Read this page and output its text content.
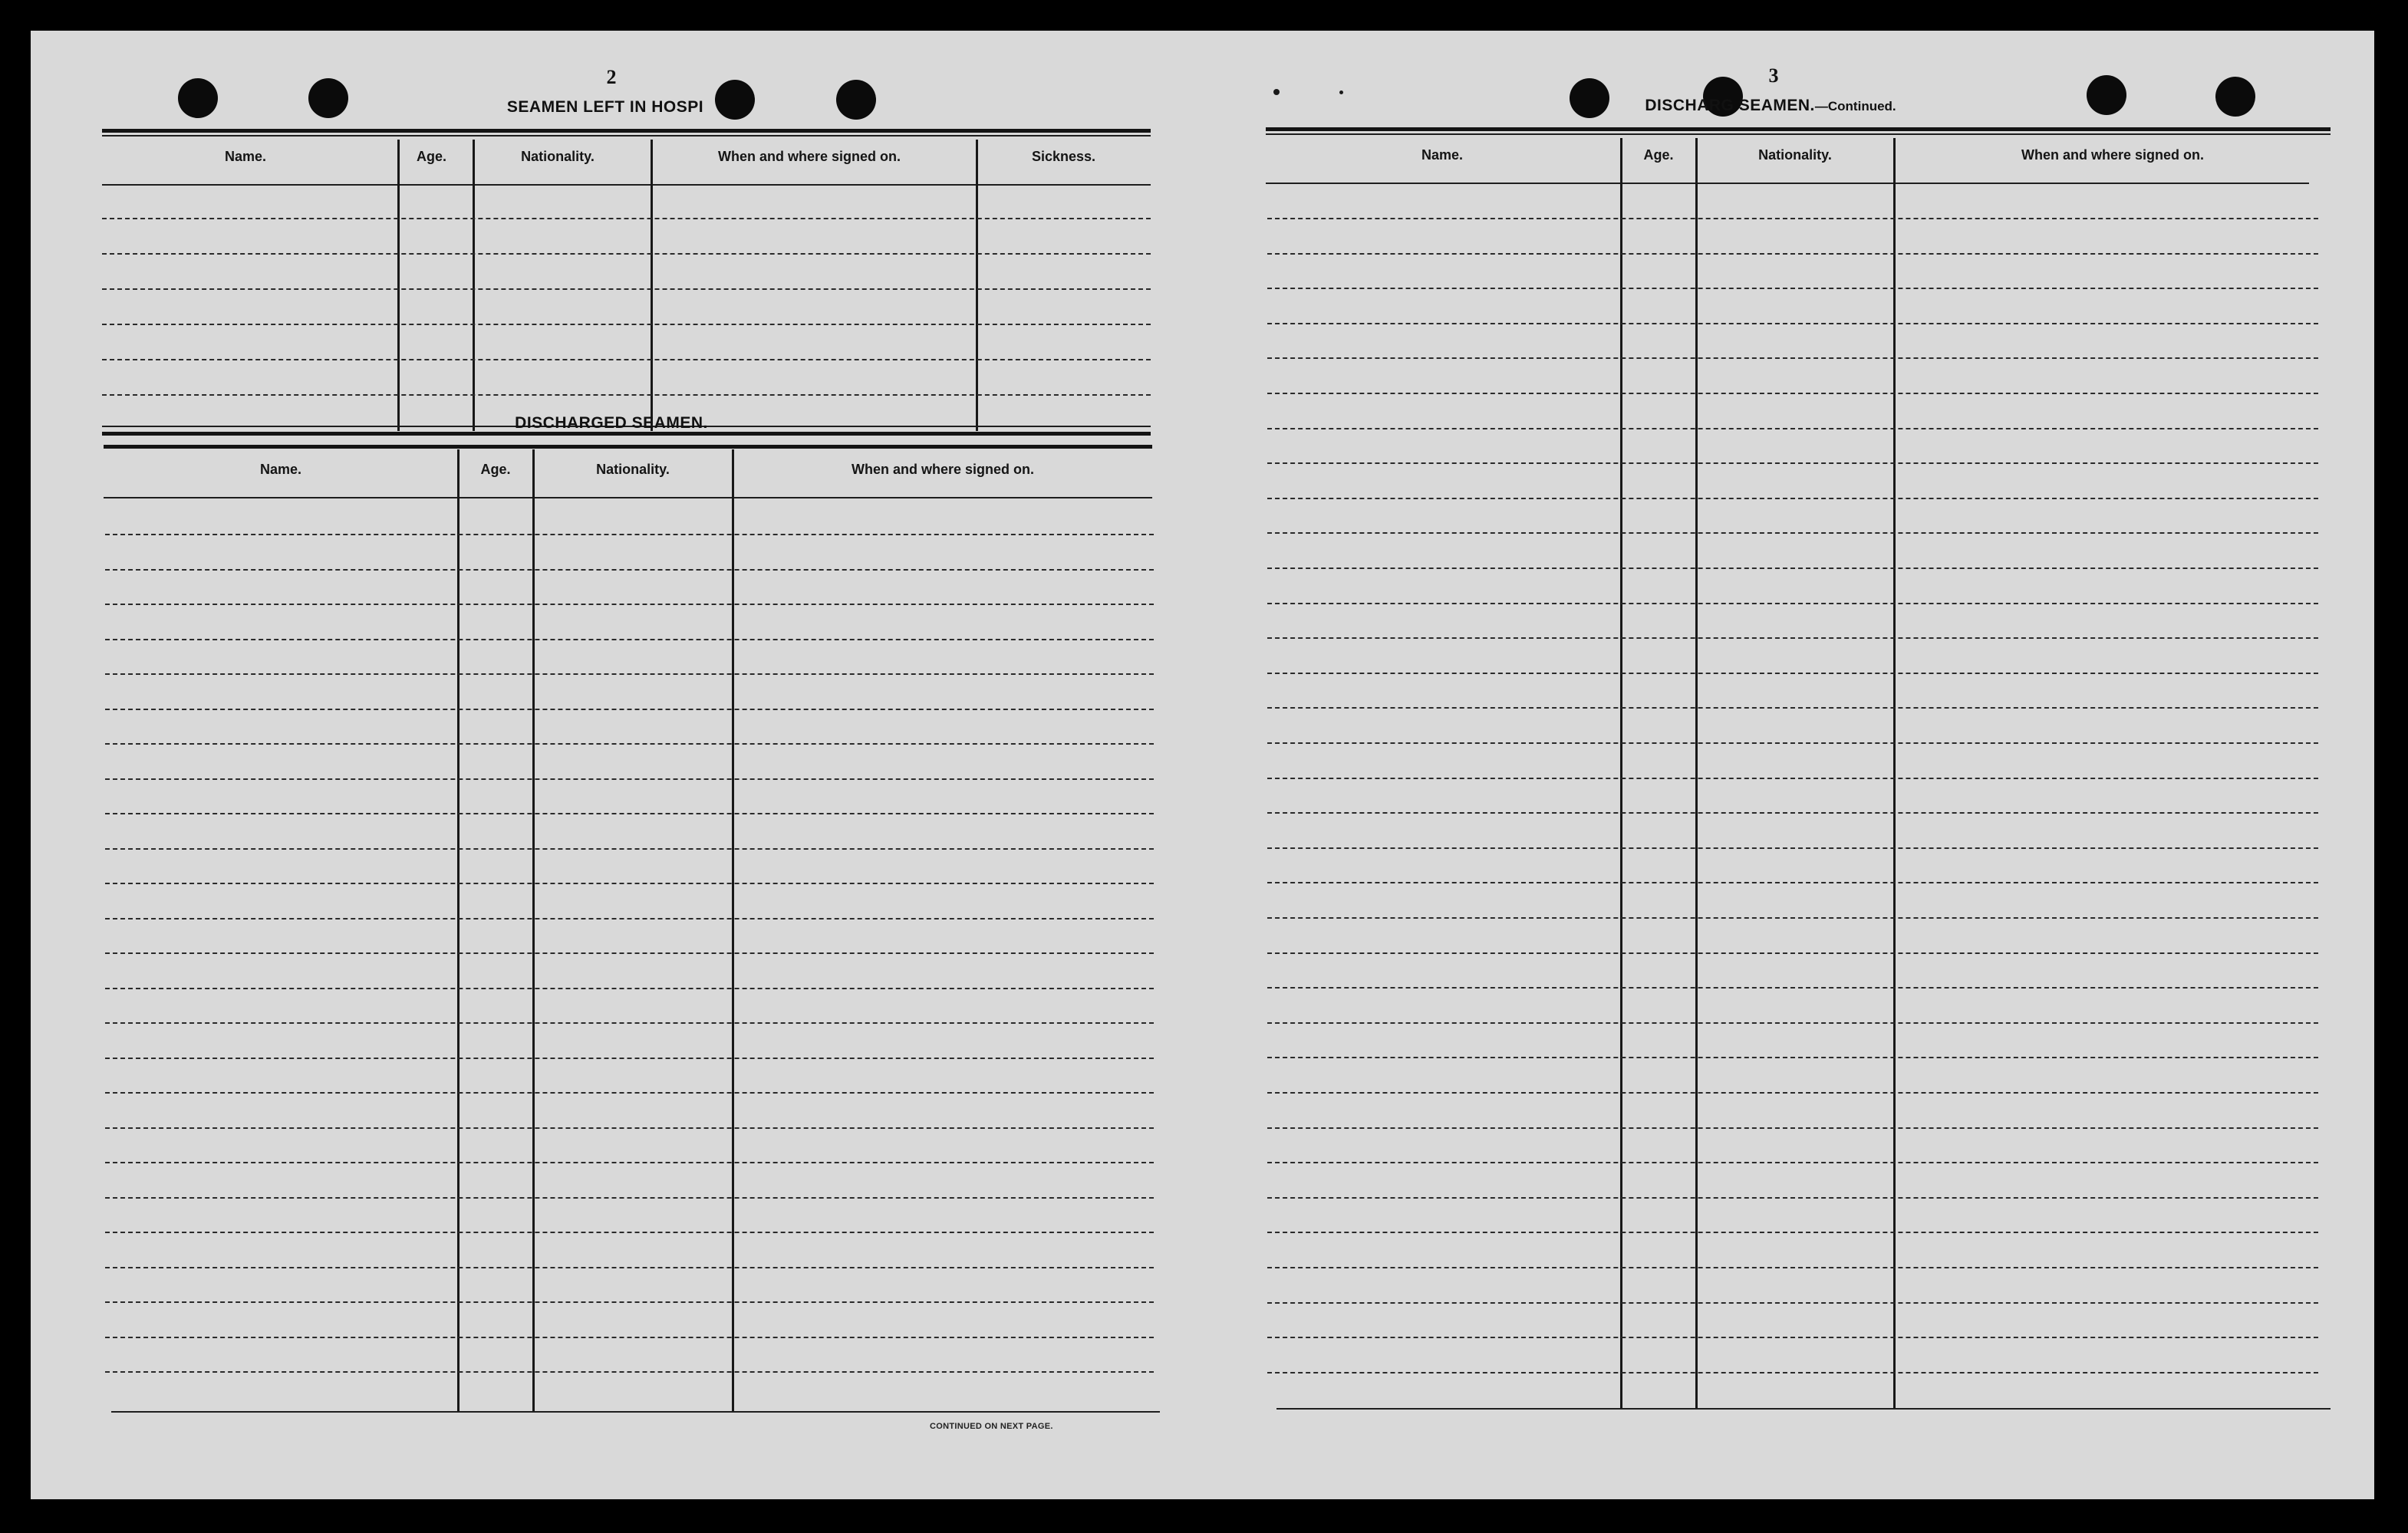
2
SEAMEN LEFT IN HOSPI
Name.	Age.	Nationality.	When and where signed on.	Sickness.
DISCHARGED SEAMEN.
Name.	Age.	Nationality.	When and where signed on.
CONTINUED ON NEXT PAGE.
3
DISCHARG SEAMEN.—Continued.
Name.	Age.	Nationality.	When and where signed on.
